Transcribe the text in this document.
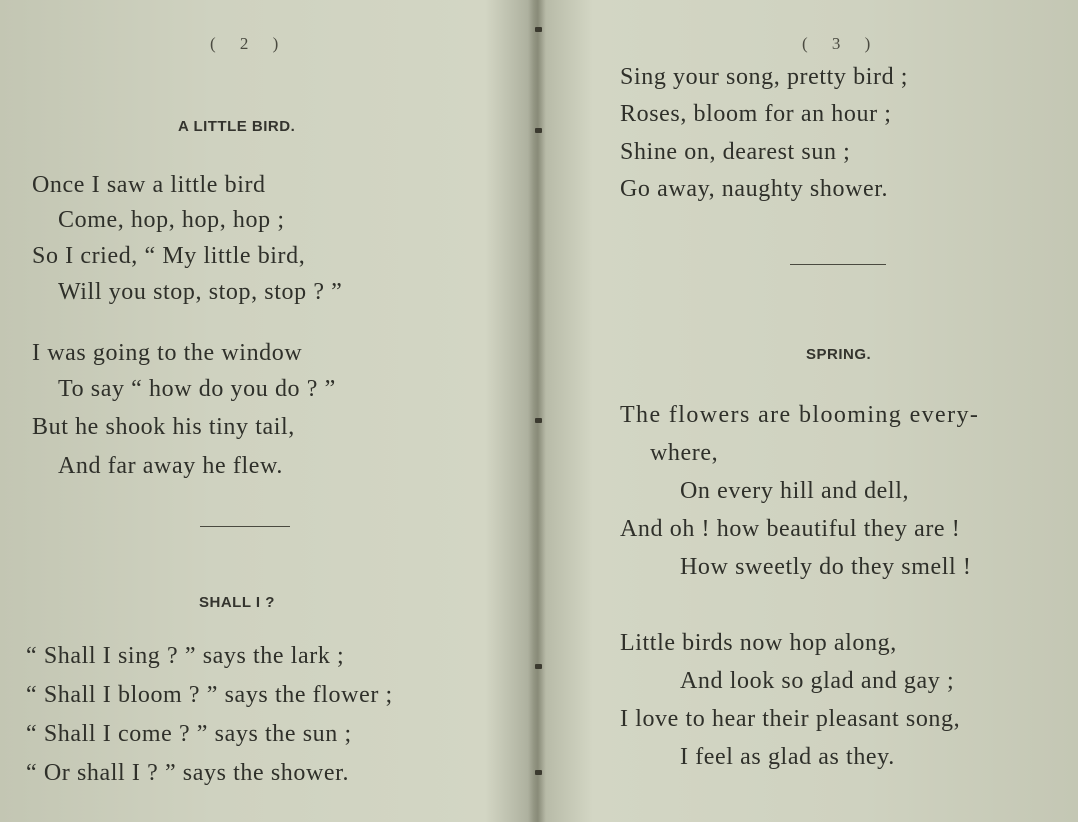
( 2 )
A LITTLE BIRD.
Once I saw a little bird
Come, hop, hop, hop ;
So I cried, “ My little bird,
Will you stop, stop, stop ? ”
I was going to the window
To say “ how do you do ? ”
But he shook his tiny tail,
And far away he flew.
SHALL I ?
“ Shall I sing ? ” says the lark ;
“ Shall I bloom ? ” says the flower ;
“ Shall I come ? ” says the sun ;
“ Or shall I ? ” says the shower.
( 3 )
Sing your song, pretty bird ;
Roses, bloom for an hour ;
Shine on, dearest sun ;
Go away, naughty shower.
SPRING.
The flowers are blooming every-
where,
On every hill and dell,
And oh ! how beautiful they are !
How sweetly do they smell !
Little birds now hop along,
And look so glad and gay ;
I love to hear their pleasant song,
I feel as glad as they.
